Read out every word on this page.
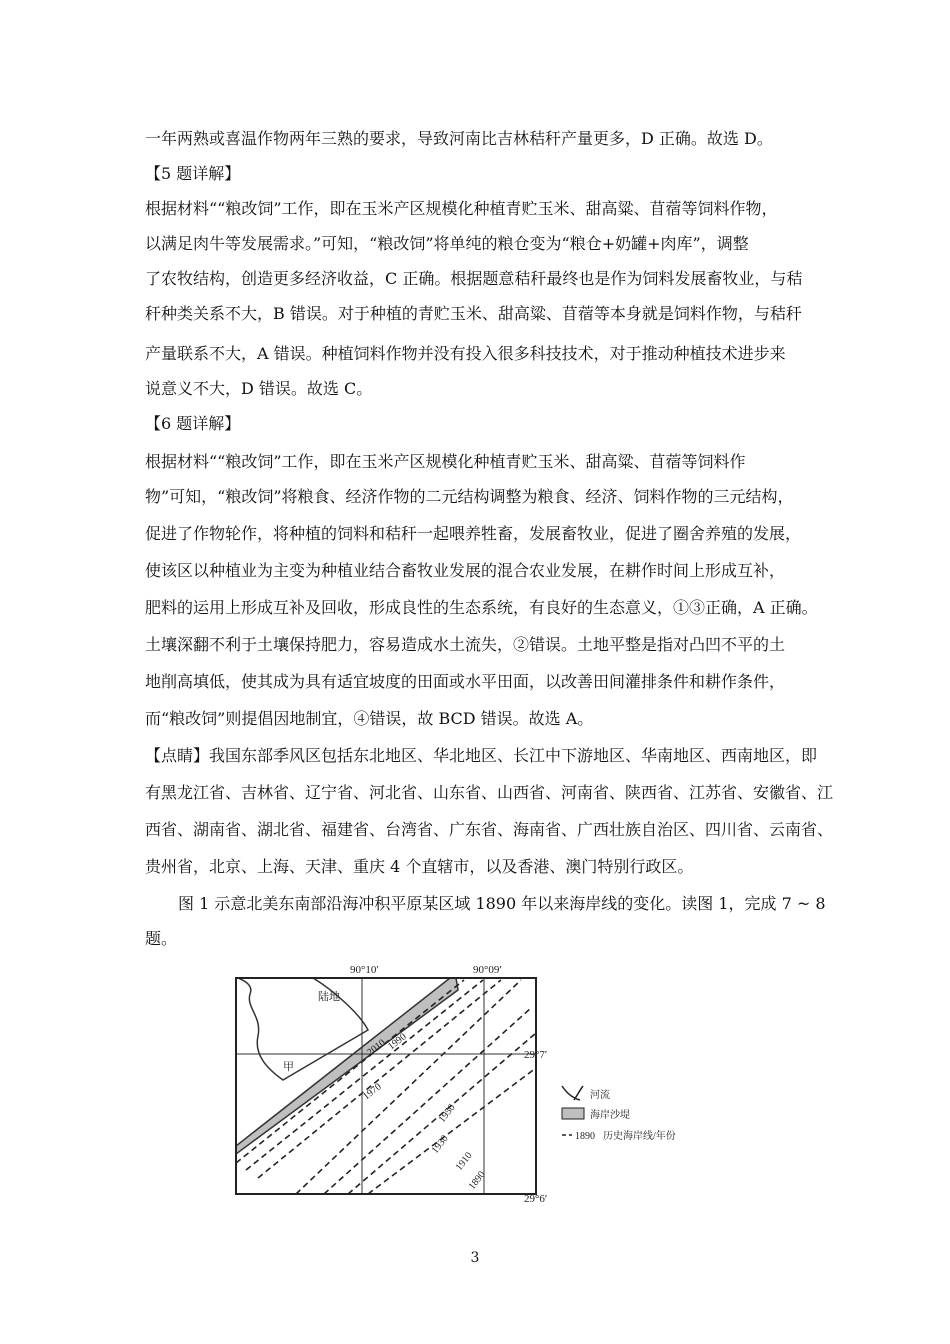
一年两熟或喜温作物两年三熟的要求，导致河南比吉林秸秆产量更多，D 正确。故选 D。
【5 题详解】
根据材料““粮改饲”工作，即在玉米产区规模化种植青贮玉米、甜高粱、苜蓿等饲料作物，
以满足肉牛等发展需求。”可知，“粮改饲”将单纯的粮仓变为“粮仓+奶罐+肉库”，调整
了农牧结构，创造更多经济收益，C 正确。根据题意秸秆最终也是作为饲料发展畜牧业，与秸
秆种类关系不大，B 错误。对于种植的青贮玉米、甜高粱、苜蓿等本身就是饲料作物，与秸秆
产量联系不大，A 错误。种植饲料作物并没有投入很多科技技术，对于推动种植技术进步来
说意义不大，D 错误。故选 C。
【6 题详解】
根据材料““粮改饲”工作，即在玉米产区规模化种植青贮玉米、甜高粱、苜蓿等饲料作
物”可知，“粮改饲”将粮食、经济作物的二元结构调整为粮食、经济、饲料作物的三元结构，
促进了作物轮作，将种植的饲料和秸秆一起喂养牲畜，发展畜牧业，促进了圈舍养殖的发展，
使该区以种植业为主变为种植业结合畜牧业发展的混合农业发展，在耕作时间上形成互补，
肥料的运用上形成互补及回收，形成良性的生态系统，有良好的生态意义，①③正确，A 正确。
土壤深翻不利于土壤保持肥力，容易造成水土流失，②错误。土地平整是指对凸凹不平的土
地削高填低，使其成为具有适宜坡度的田面或水平田面，以改善田间灌排条件和耕作条件，
而“粮改饲”则提倡因地制宜，④错误，故 BCD 错误。故选 A。
【点睛】我国东部季风区包括东北地区、华北地区、长江中下游地区、华南地区、西南地区，即
有黑龙江省、吉林省、辽宁省、河北省、山东省、山西省、河南省、陕西省、江苏省、安徽省、江
西省、湖南省、湖北省、福建省、台湾省、广东省、海南省、广西壮族自治区、四川省、云南省、
贵州省，北京、上海、天津、重庆 4 个直辖市，以及香港、澳门特别行政区。
图 1 示意北美东南部沿海冲积平原某区域 1890 年以来海岸线的变化。读图 1，完成 7 ~ 8
题。
90°10′	90°09′
陆地
甲
2010
1990
1970
1950
1930
1910
1890
29°7′
29°6′
河流
海岸沙堤
1890 历史海岸线/年份
3
